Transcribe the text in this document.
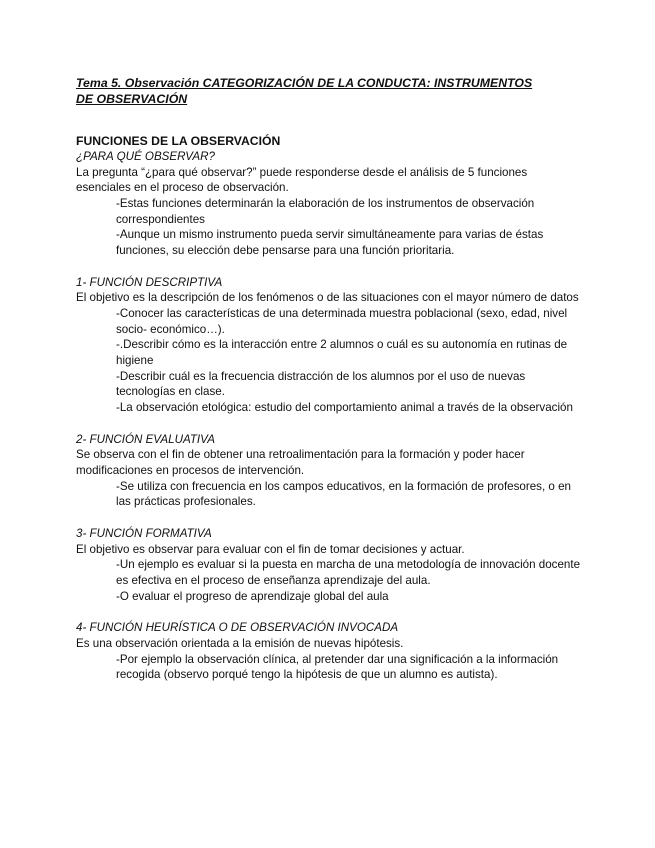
Tema 5. Observación CATEGORIZACIÓN DE LA CONDUCTA: INSTRUMENTOS DE OBSERVACIÓN

FUNCIONES DE LA OBSERVACIÓN

¿PARA QUÉ OBSERVAR?

La pregunta “¿para qué observar?” puede responderse desde el análisis de 5 funciones esenciales en el proceso de observación.

-Estas funciones determinarán la elaboración de los instrumentos de observación correspondientes

-Aunque un mismo instrumento pueda servir simultáneamente para varias de éstas funciones, su elección debe pensarse para una función prioritaria.

1- FUNCIÓN DESCRIPTIVA

El objetivo es la descripción de los fenómenos o de las situaciones con el mayor número de datos

-Conocer las características de una determinada muestra poblacional (sexo, edad, nivel socio- económico…).

-.Describir cómo es la interacción entre 2 alumnos o cuál es su autonomía en rutinas de higiene

-Describir cuál es la frecuencia distracción de los alumnos por el uso de nuevas tecnologías en clase.

-La observación etológica: estudio del comportamiento animal a través de la observación

2- FUNCIÓN EVALUATIVA

Se observa con el fin de obtener una retroalimentación para la formación y poder hacer modificaciones en procesos de intervención.

-Se utiliza con frecuencia en los campos educativos, en la formación de profesores, o en las prácticas profesionales.

3- FUNCIÓN FORMATIVA

El objetivo es observar para evaluar con el fin de tomar decisiones y actuar.

-Un ejemplo es evaluar si la puesta en marcha de una metodología de innovación docente es efectiva en el proceso de enseñanza aprendizaje del aula.

-O evaluar el progreso de aprendizaje global del aula

4- FUNCIÓN HEURÍSTICA O DE OBSERVACIÓN INVOCADA

Es una observación orientada a la emisión de nuevas hipótesis.

-Por ejemplo la observación clínica, al pretender dar una significación a la información recogida (observo porqué tengo la hipótesis de que un alumno es autista).
